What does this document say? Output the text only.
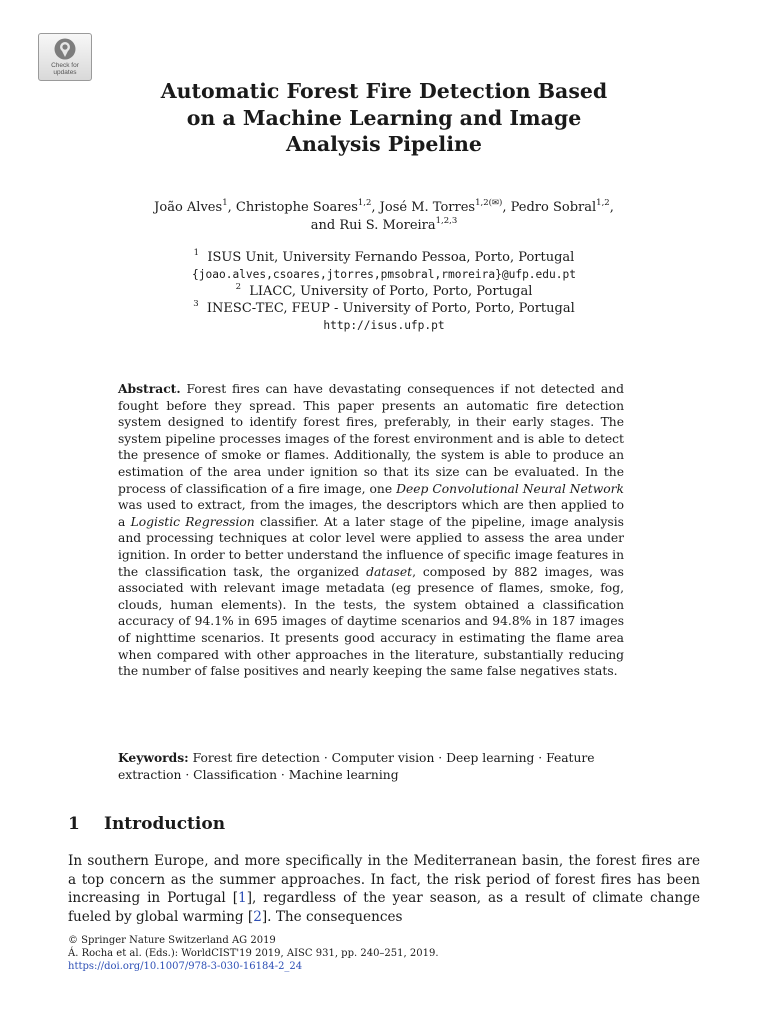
Check for
updates
Automatic Forest Fire Detection Based
on a Machine Learning and Image
Analysis Pipeline
João Alves$^1$, Christophe Soares$^{1,2}$, José M. Torres$^{1,2(✉)}$, Pedro Sobral$^{1,2}$,
and Rui S. Moreira$^{1,2,3}$
$^1$ ISUS Unit, University Fernando Pessoa, Porto, Portugal
{joao.alves,csoares,jtorres,pmsobral,rmoreira}@ufp.edu.pt
$^2$ LIACC, University of Porto, Porto, Portugal
$^3$ INESC-TEC, FEUP - University of Porto, Porto, Portugal
http://isus.ufp.pt
Abstract. Forest fires can have devastating consequences if not detected and fought before they spread. This paper presents an automatic fire detection system designed to identify forest fires, preferably, in their early stages. The system pipeline processes images of the forest environment and is able to detect the presence of smoke or flames. Additionally, the system is able to produce an estimation of the area under ignition so that its size can be evaluated. In the process of classification of a fire image, one Deep Convolutional Neural Network was used to extract, from the images, the descriptors which are then applied to a Logistic Regression classifier. At a later stage of the pipeline, image analysis and processing techniques at color level were applied to assess the area under ignition. In order to better understand the influence of specific image features in the classification task, the organized dataset, composed by 882 images, was associated with relevant image metadata (eg presence of flames, smoke, fog, clouds, human elements). In the tests, the system obtained a classification accuracy of 94.1% in 695 images of daytime scenarios and 94.8% in 187 images of nighttime scenarios. It presents good accuracy in estimating the flame area when compared with other approaches in the literature, substantially reducing the number of false positives and nearly keeping the same false negatives stats.
Keywords: Forest fire detection · Computer vision · Deep learning · Feature extraction · Classification · Machine learning
1 Introduction
In southern Europe, and more specifically in the Mediterranean basin, the forest fires are a top concern as the summer approaches. In fact, the risk period of forest fires has been increasing in Portugal [1], regardless of the year season, as a result of climate change fueled by global warming [2]. The consequences
© Springer Nature Switzerland AG 2019
Á. Rocha et al. (Eds.): WorldCIST'19 2019, AISC 931, pp. 240–251, 2019.
https://doi.org/10.1007/978-3-030-16184-2_24
